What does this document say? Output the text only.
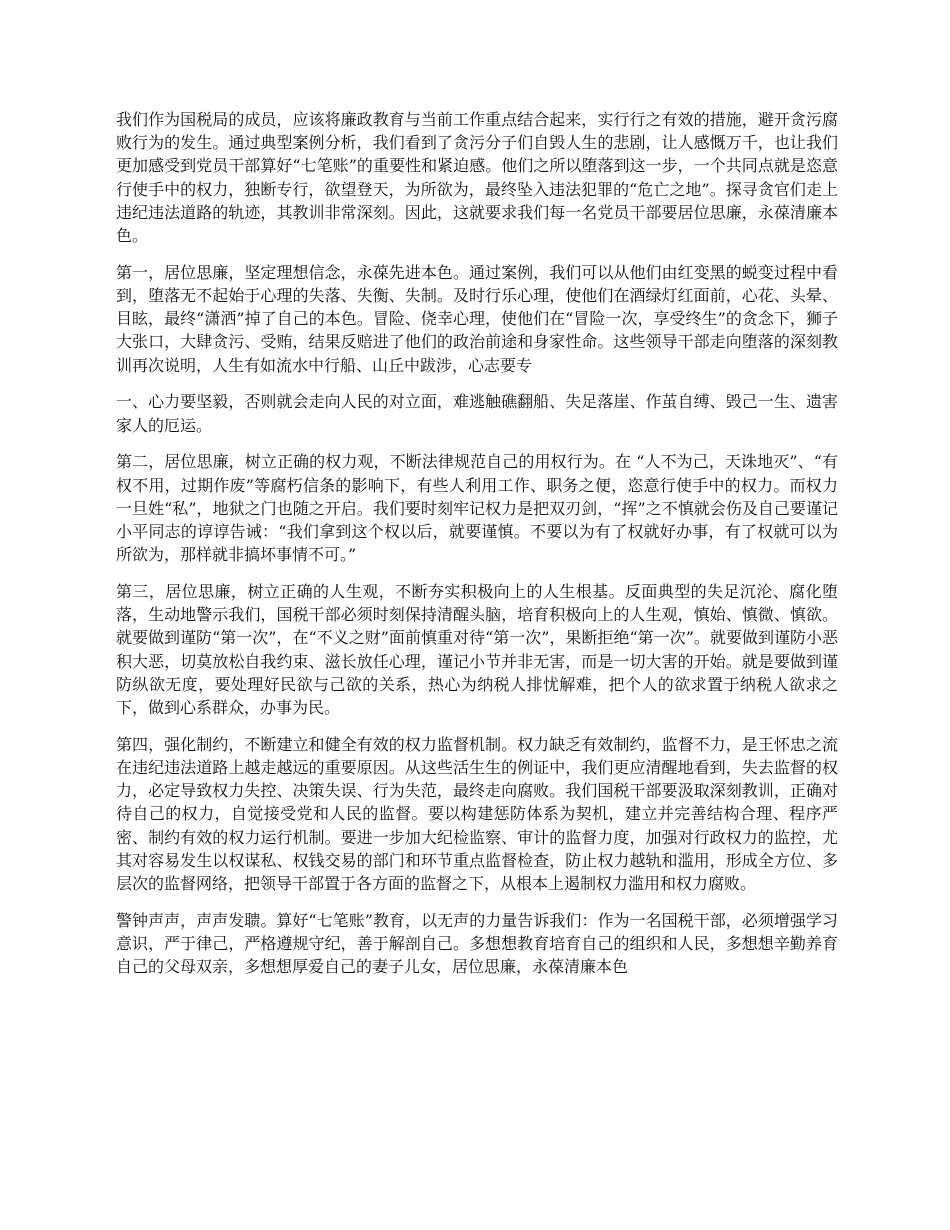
我们作为国税局的成员，应该将廉政教育与当前工作重点结合起来，实行行之有效的措施，避开贪污腐败行为的发生。通过典型案例分析，我们看到了贪污分子们自毁人生的悲剧，让人感慨万千，也让我们更加感受到党员干部算好“七笔账”的重要性和紧迫感。他们之所以堕落到这一步，一个共同点就是恣意行使手中的权力，独断专行，欲望登天，为所欲为，最终坠入违法犯罪的“危亡之地”。探寻贪官们走上违纪违法道路的轨迹，其教训非常深刻。因此，这就要求我们每一名党员干部要居位思廉，永葆清廉本色。

第一，居位思廉，坚定理想信念，永葆先进本色。通过案例，我们可以从他们由红变黑的蜕变过程中看到，堕落无不起始于心理的失落、失衡、失制。及时行乐心理，使他们在酒绿灯红面前，心花、头晕、目眩，最终“潇洒”掉了自己的本色。冒险、侥幸心理，使他们在“冒险一次，享受终生”的贪念下，狮子大张口，大肆贪污、受贿，结果反赔进了他们的政治前途和身家性命。这些领导干部走向堕落的深刻教训再次说明，人生有如流水中行船、山丘中跋涉，心志要专

一、心力要坚毅，否则就会走向人民的对立面，难逃触礁翻船、失足落崖、作茧自缚、毁己一生、遗害家人的厄运。

第二，居位思廉，树立正确的权力观，不断法律规范自己的用权行为。在 “人不为己，天诛地灭”、“有权不用，过期作废”等腐朽信条的影响下，有些人利用工作、职务之便，恣意行使手中的权力。而权力一旦姓“私”，地狱之门也随之开启。我们要时刻牢记权力是把双刃剑，“挥”之不慎就会伤及自己要谨记小平同志的谆谆告诫：“我们拿到这个权以后，就要谨慎。不要以为有了权就好办事，有了权就可以为所欲为，那样就非搞坏事情不可。”

第三，居位思廉，树立正确的人生观，不断夯实积极向上的人生根基。反面典型的失足沉沦、腐化堕落，生动地警示我们，国税干部必须时刻保持清醒头脑，培育积极向上的人生观，慎始、慎微、慎欲。就要做到谨防“第一次”，在“不义之财”面前慎重对待“第一次”，果断拒绝“第一次”。就要做到谨防小恶积大恶，切莫放松自我约束、滋长放任心理，谨记小节并非无害，而是一切大害的开始。就是要做到谨防纵欲无度，要处理好民欲与己欲的关系，热心为纳税人排忧解难，把个人的欲求置于纳税人欲求之下，做到心系群众，办事为民。

第四，强化制约，不断建立和健全有效的权力监督机制。权力缺乏有效制约，监督不力，是王怀忠之流在违纪违法道路上越走越远的重要原因。从这些活生生的例证中，我们更应清醒地看到，失去监督的权力，必定导致权力失控、决策失误、行为失范，最终走向腐败。我们国税干部要汲取深刻教训，正确对待自己的权力，自觉接受党和人民的监督。要以构建惩防体系为契机，建立并完善结构合理、程序严密、制约有效的权力运行机制。要进一步加大纪检监察、审计的监督力度，加强对行政权力的监控，尤其对容易发生以权谋私、权钱交易的部门和环节重点监督检查，防止权力越轨和滥用，形成全方位、多层次的监督网络，把领导干部置于各方面的监督之下，从根本上遏制权力滥用和权力腐败。

警钟声声，声声发聩。算好“七笔账”教育，以无声的力量告诉我们：作为一名国税干部，必须增强学习意识，严于律己，严格遵规守纪，善于解剖自己。多想想教育培育自己的组织和人民，多想想辛勤养育自己的父母双亲，多想想厚爱自己的妻子儿女，居位思廉，永葆清廉本色
